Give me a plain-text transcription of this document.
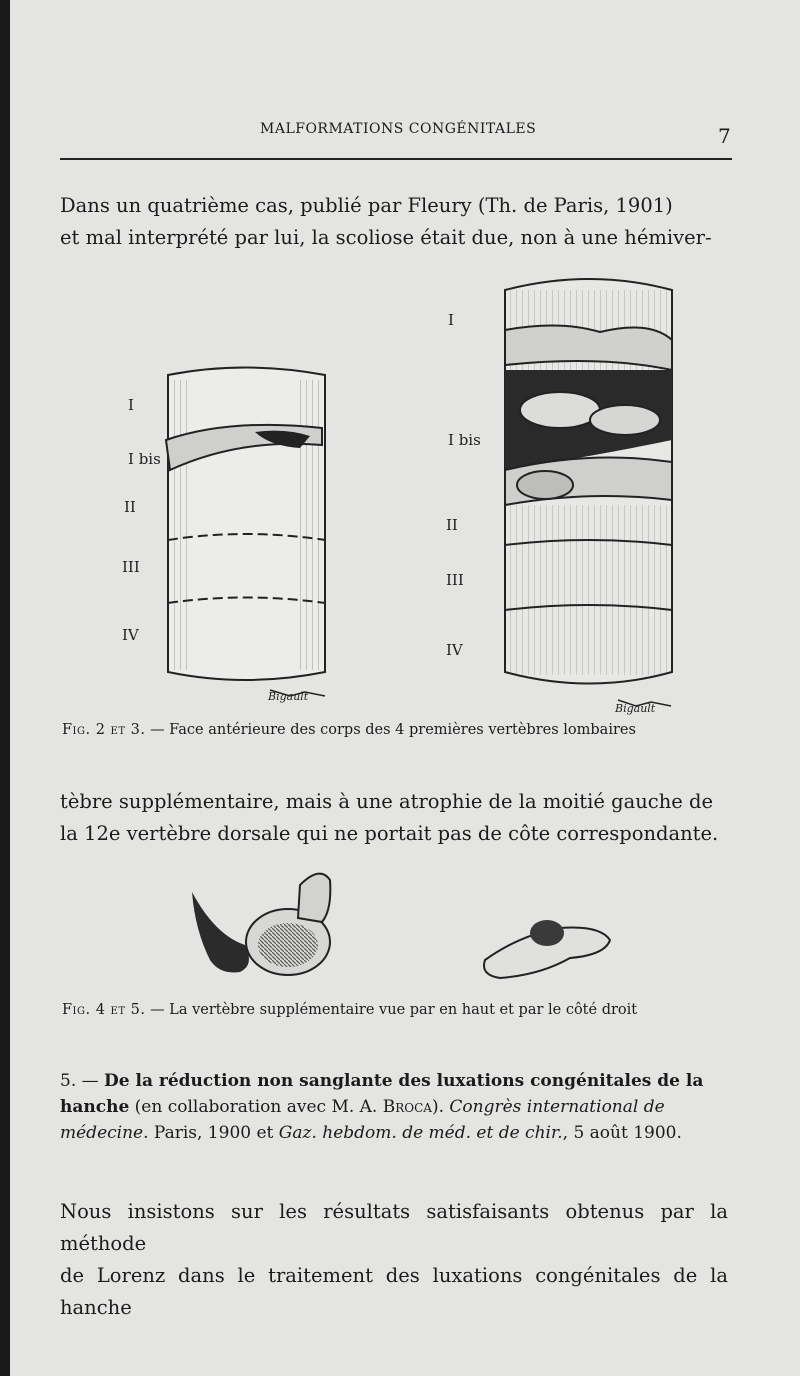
MALFORMATIONS CONGÉNITALES	7
Dans un quatrième cas, publié par Fleury (Th. de Paris, 1901)
et mal interprété par lui, la scoliose était due, non à une hémiver-
I
I bis
II
III
IV
Bigault
I
I bis
II
III
IV
Bigault
Fig. 2 et 3. — Face antérieure des corps des 4 premières vertèbres lombaires
tèbre supplémentaire, mais à une atrophie de la moitié gauche de
la 12e vertèbre dorsale qui ne portait pas de côte correspondante.
Fig. 4 et 5. — La vertèbre supplémentaire vue par en haut et par le côté droit
5. — De la réduction non sanglante des luxations congénitales de la hanche (en collaboration avec M. A. Broca). Congrès international de médecine. Paris, 1900 et Gaz. hebdom. de méd. et de chir., 5 août 1900.
Nous insistons sur les résultats satisfaisants obtenus par la méthode
de Lorenz dans le traitement des luxations congénitales de la hanche
